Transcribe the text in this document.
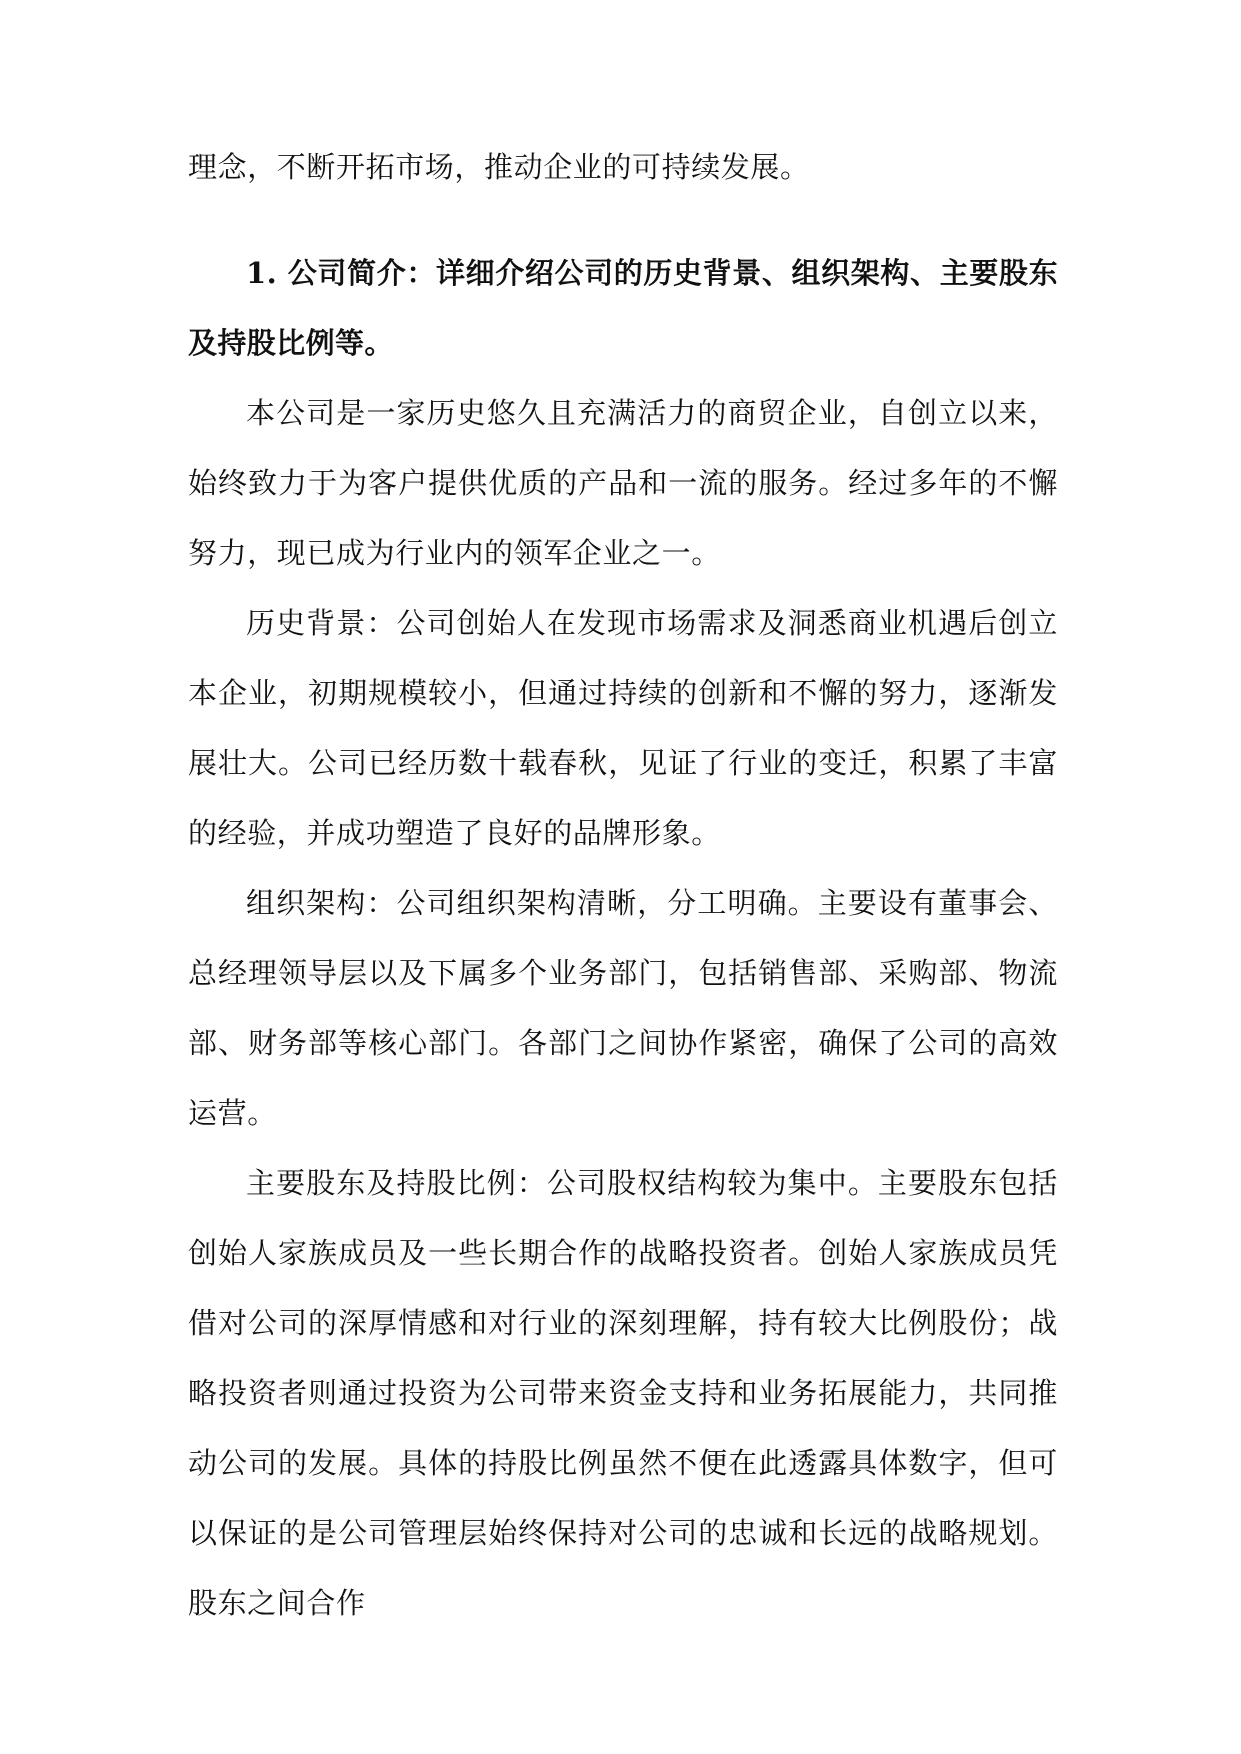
理念，不断开拓市场，推动企业的可持续发展。

1. 公司简介：详细介绍公司的历史背景、组织架构、主要股东及持股比例等。

本公司是一家历史悠久且充满活力的商贸企业，自创立以来，始终致力于为客户提供优质的产品和一流的服务。经过多年的不懈努力，现已成为行业内的领军企业之一。

历史背景：公司创始人在发现市场需求及洞悉商业机遇后创立本企业，初期规模较小，但通过持续的创新和不懈的努力，逐渐发展壮大。公司已经历数十载春秋，见证了行业的变迁，积累了丰富的经验，并成功塑造了良好的品牌形象。

组织架构：公司组织架构清晰，分工明确。主要设有董事会、总经理领导层以及下属多个业务部门，包括销售部、采购部、物流部、财务部等核心部门。各部门之间协作紧密，确保了公司的高效运营。

主要股东及持股比例：公司股权结构较为集中。主要股东包括创始人家族成员及一些长期合作的战略投资者。创始人家族成员凭借对公司的深厚情感和对行业的深刻理解，持有较大比例股份；战略投资者则通过投资为公司带来资金支持和业务拓展能力，共同推动公司的发展。具体的持股比例虽然不便在此透露具体数字，但可以保证的是公司管理层始终保持对公司的忠诚和长远的战略规划。股东之间合作
